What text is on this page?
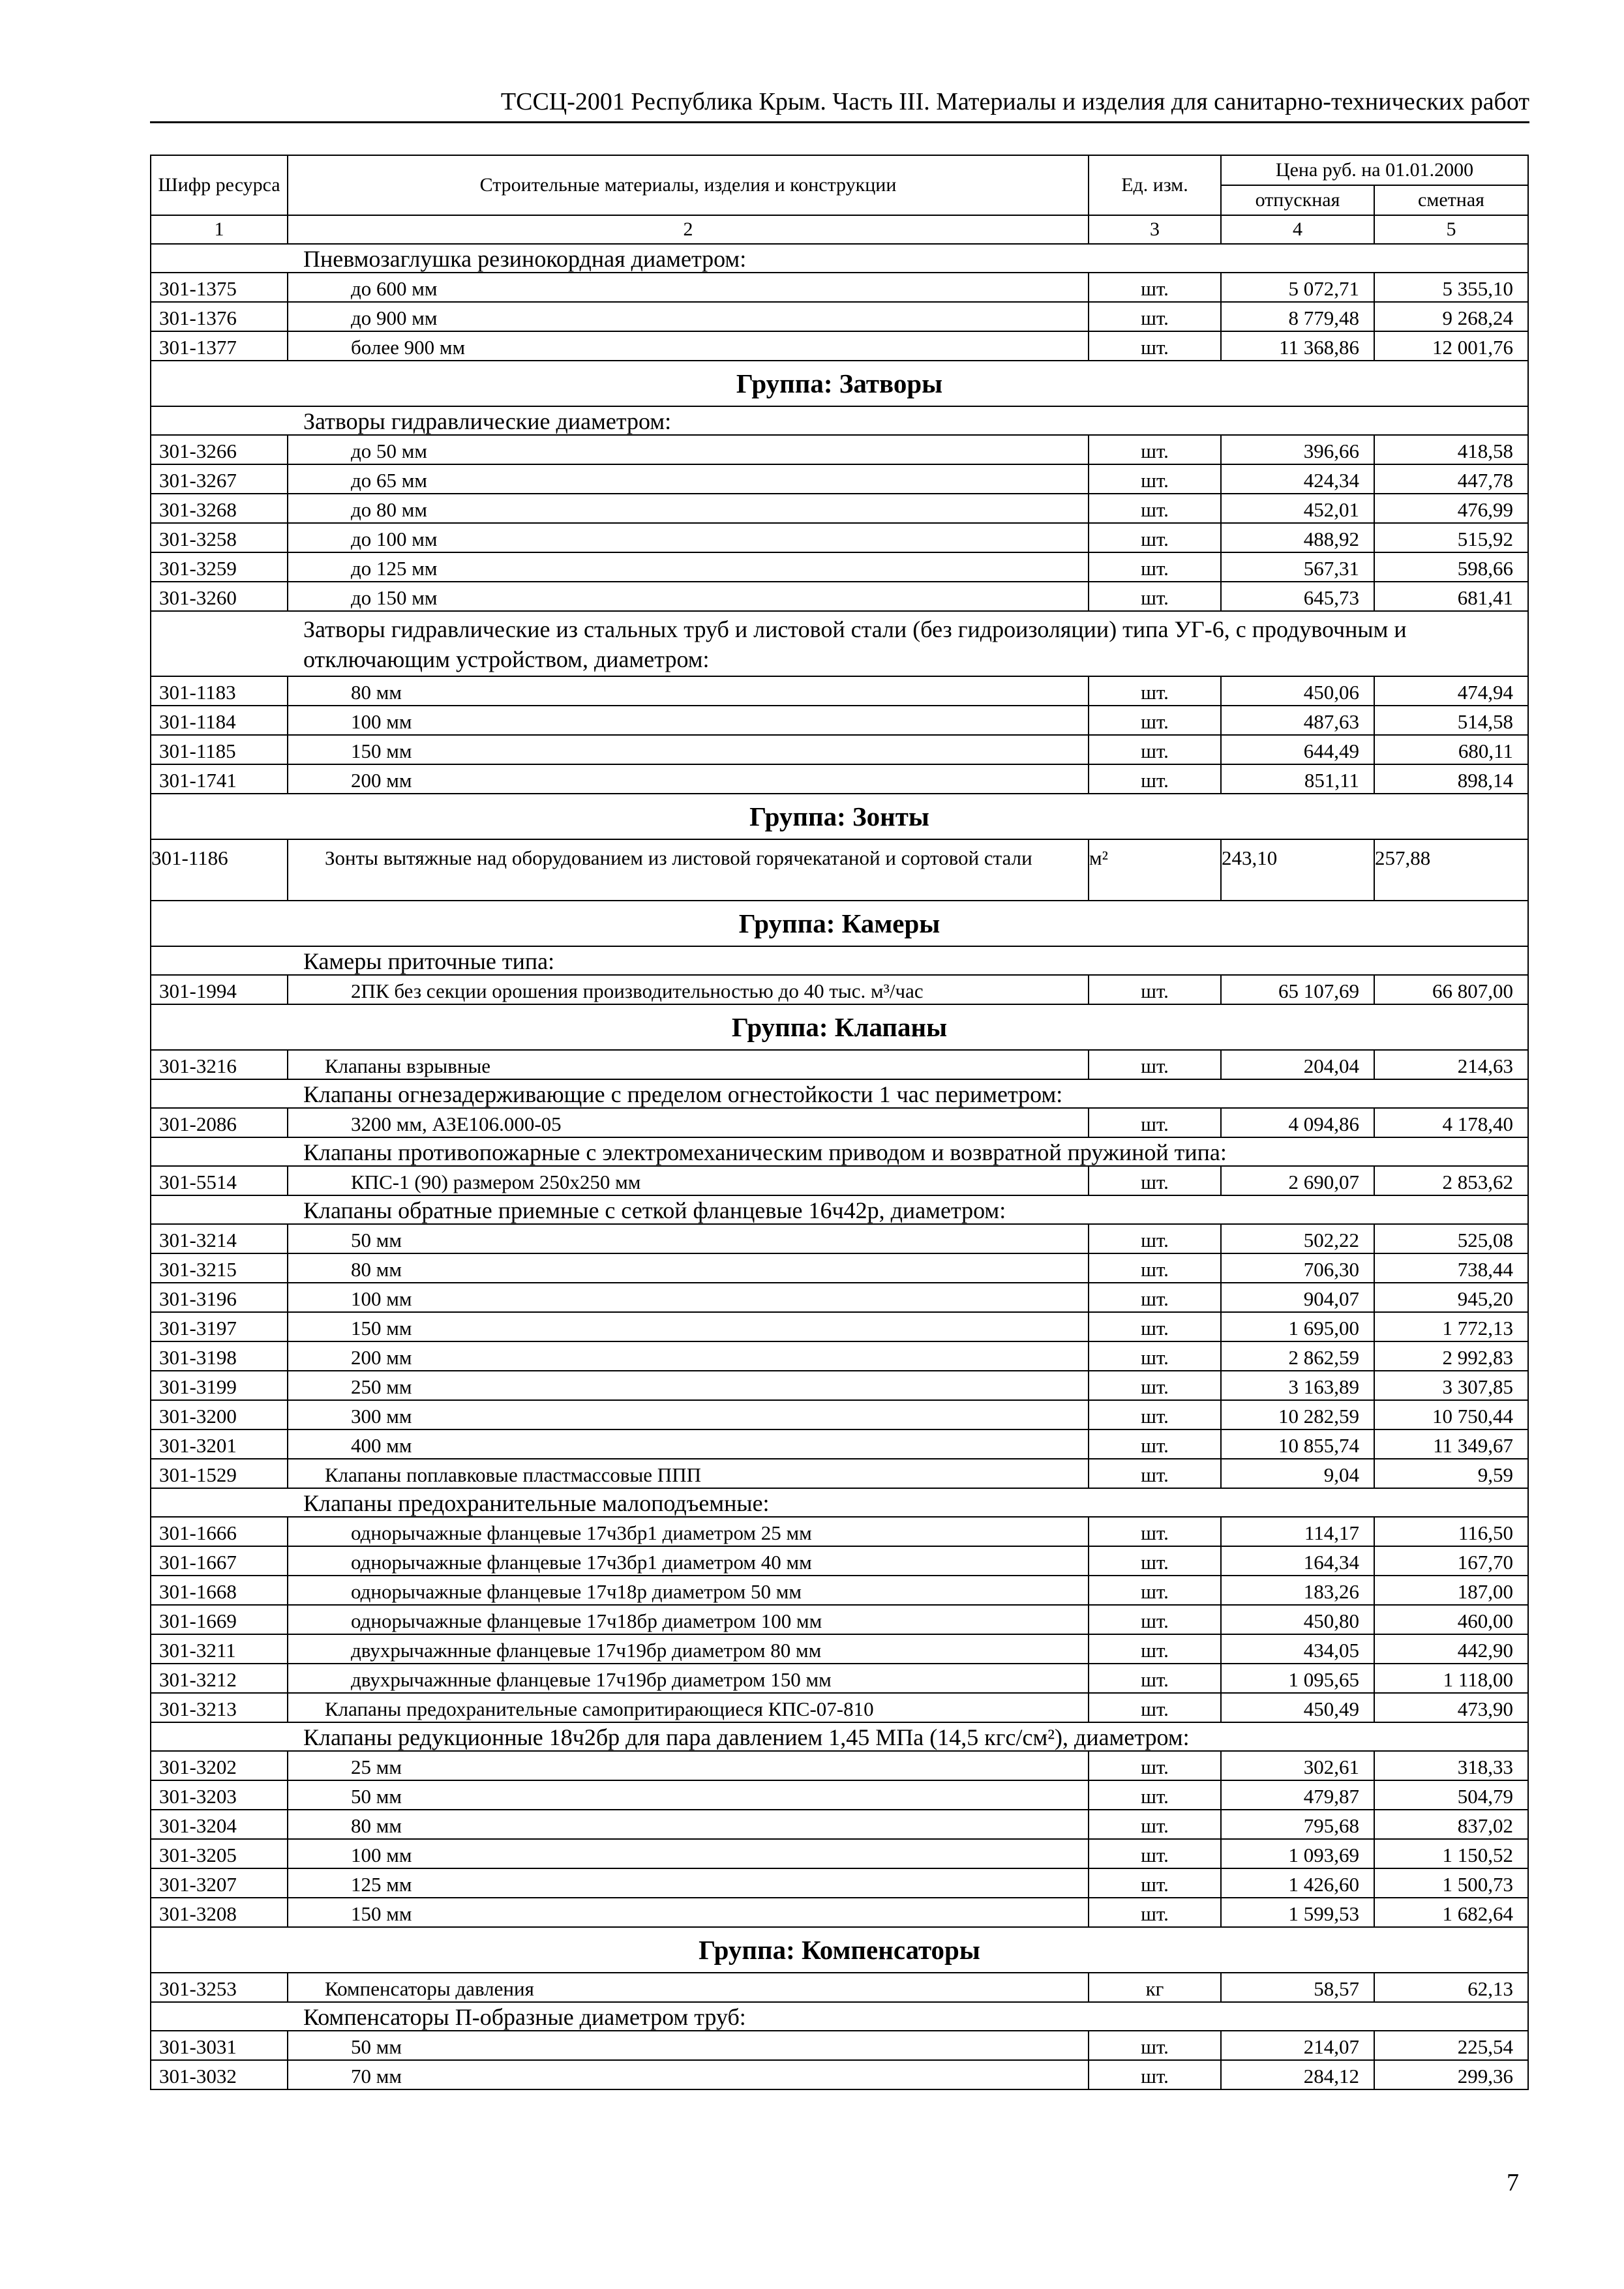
ТССЦ-2001 Республика Крым. Часть III. Материалы и изделия для санитарно-технических работ
Шифр ресурса	Строительные материалы, изделия и конструкции	Ед. изм.	Цена руб. на 01.01.2000	
			отпускная	сметная
1	2	3	4	5
Пневмозаглушка резинокордная диаметром:				
301-1375	до 600 мм	шт.	5 072,71	5 355,10
301-1376	до 900 мм	шт.	8 779,48	9 268,24
301-1377	более 900 мм	шт.	11 368,86	12 001,76
Группа: Затворы				
Затворы гидравлические диаметром:				
301-3266	до 50 мм	шт.	396,66	418,58
301-3267	до 65 мм	шт.	424,34	447,78
301-3268	до 80 мм	шт.	452,01	476,99
301-3258	до 100 мм	шт.	488,92	515,92
301-3259	до 125 мм	шт.	567,31	598,66
301-3260	до 150 мм	шт.	645,73	681,41
Затворы гидравлические из стальных труб и листовой стали (без гидроизоляции) типа УГ-6, с продувочным и отключающим устройством, диаметром:				
301-1183	80 мм	шт.	450,06	474,94
301-1184	100 мм	шт.	487,63	514,58
301-1185	150 мм	шт.	644,49	680,11
301-1741	200 мм	шт.	851,11	898,14
Группа: Зонты				
301-1186	Зонты вытяжные над оборудованием из листовой горячекатаной и сортовой стали	м²	243,10	257,88
Группа: Камеры				
Камеры приточные типа:				
301-1994	2ПК без секции орошения производительностью до 40 тыс. м³/час	шт.	65 107,69	66 807,00
Группа: Клапаны				
301-3216	Клапаны взрывные	шт.	204,04	214,63
Клапаны огнезадерживающие с пределом огнестойкости 1 час периметром:				
301-2086	3200 мм, АЗЕ106.000-05	шт.	4 094,86	4 178,40
Клапаны противопожарные с электромеханическим приводом и возвратной пружиной типа:				
301-5514	КПС-1 (90) размером 250х250 мм	шт.	2 690,07	2 853,62
Клапаны обратные приемные с сеткой фланцевые 16ч42р, диаметром:				
301-3214	50 мм	шт.	502,22	525,08
301-3215	80 мм	шт.	706,30	738,44
301-3196	100 мм	шт.	904,07	945,20
301-3197	150 мм	шт.	1 695,00	1 772,13
301-3198	200 мм	шт.	2 862,59	2 992,83
301-3199	250 мм	шт.	3 163,89	3 307,85
301-3200	300 мм	шт.	10 282,59	10 750,44
301-3201	400 мм	шт.	10 855,74	11 349,67
301-1529	Клапаны поплавковые пластмассовые ППП	шт.	9,04	9,59
Клапаны предохранительные малоподъемные:				
301-1666	однорычажные фланцевые 17ч3бр1 диаметром 25 мм	шт.	114,17	116,50
301-1667	однорычажные фланцевые 17ч3бр1 диаметром 40 мм	шт.	164,34	167,70
301-1668	однорычажные фланцевые 17ч18р диаметром 50 мм	шт.	183,26	187,00
301-1669	однорычажные фланцевые 17ч18бр диаметром 100 мм	шт.	450,80	460,00
301-3211	двухрычажнные фланцевые 17ч19бр диаметром 80 мм	шт.	434,05	442,90
301-3212	двухрычажнные фланцевые 17ч19бр диаметром 150 мм	шт.	1 095,65	1 118,00
301-3213	Клапаны предохранительные самопритирающиеся КПС-07-810	шт.	450,49	473,90
Клапаны редукционные 18ч2бр для пара давлением 1,45 МПа (14,5 кгс/см²), диаметром:				
301-3202	25 мм	шт.	302,61	318,33
301-3203	50 мм	шт.	479,87	504,79
301-3204	80 мм	шт.	795,68	837,02
301-3205	100 мм	шт.	1 093,69	1 150,52
301-3207	125 мм	шт.	1 426,60	1 500,73
301-3208	150 мм	шт.	1 599,53	1 682,64
Группа: Компенсаторы				
301-3253	Компенсаторы давления	кг	58,57	62,13
Компенсаторы П-образные диаметром труб:				
301-3031	50 мм	шт.	214,07	225,54
301-3032	70 мм	шт.	284,12	299,36
7
